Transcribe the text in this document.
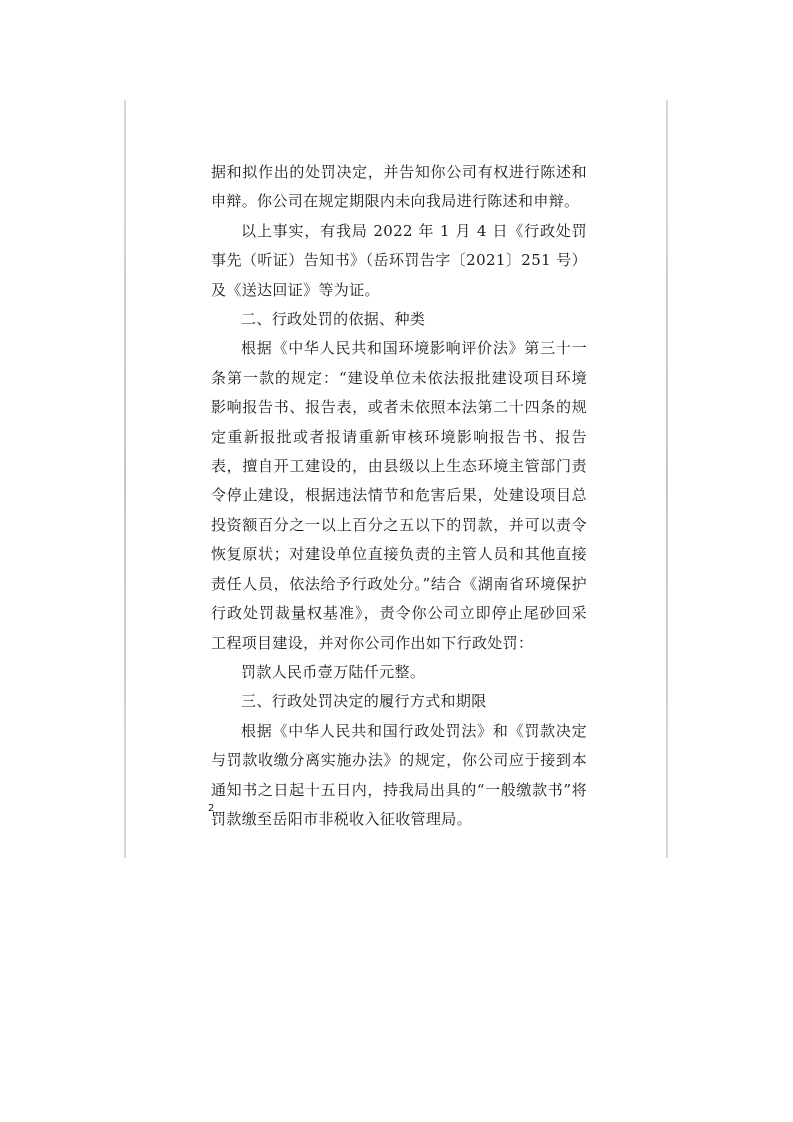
据和拟作出的处罚决定，并告知你公司有权进行陈述和申辩。你公司在规定期限内未向我局进行陈述和申辩。

以上事实，有我局 2022 年 1 月 4 日《行政处罚事先（听证）告知书》（岳环罚告字〔2021〕251 号）及《送达回证》等为证。

二、行政处罚的依据、种类

根据《中华人民共和国环境影响评价法》第三十一条第一款的规定：“建设单位未依法报批建设项目环境影响报告书、报告表，或者未依照本法第二十四条的规定重新报批或者报请重新审核环境影响报告书、报告表，擅自开工建设的，由县级以上生态环境主管部门责令停止建设，根据违法情节和危害后果，处建设项目总投资额百分之一以上百分之五以下的罚款，并可以责令恢复原状；对建设单位直接负责的主管人员和其他直接责任人员，依法给予行政处分。”结合《湖南省环境保护行政处罚裁量权基准》，责令你公司立即停止尾砂回采工程项目建设，并对你公司作出如下行政处罚：

罚款人民币壹万陆仟元整。

三、行政处罚决定的履行方式和期限

根据《中华人民共和国行政处罚法》和《罚款决定与罚款收缴分离实施办法》的规定，你公司应于接到本通知书之日起十五日内，持我局出具的“一般缴款书”将罚款缴至岳阳市非税收入征收管理局。

2
